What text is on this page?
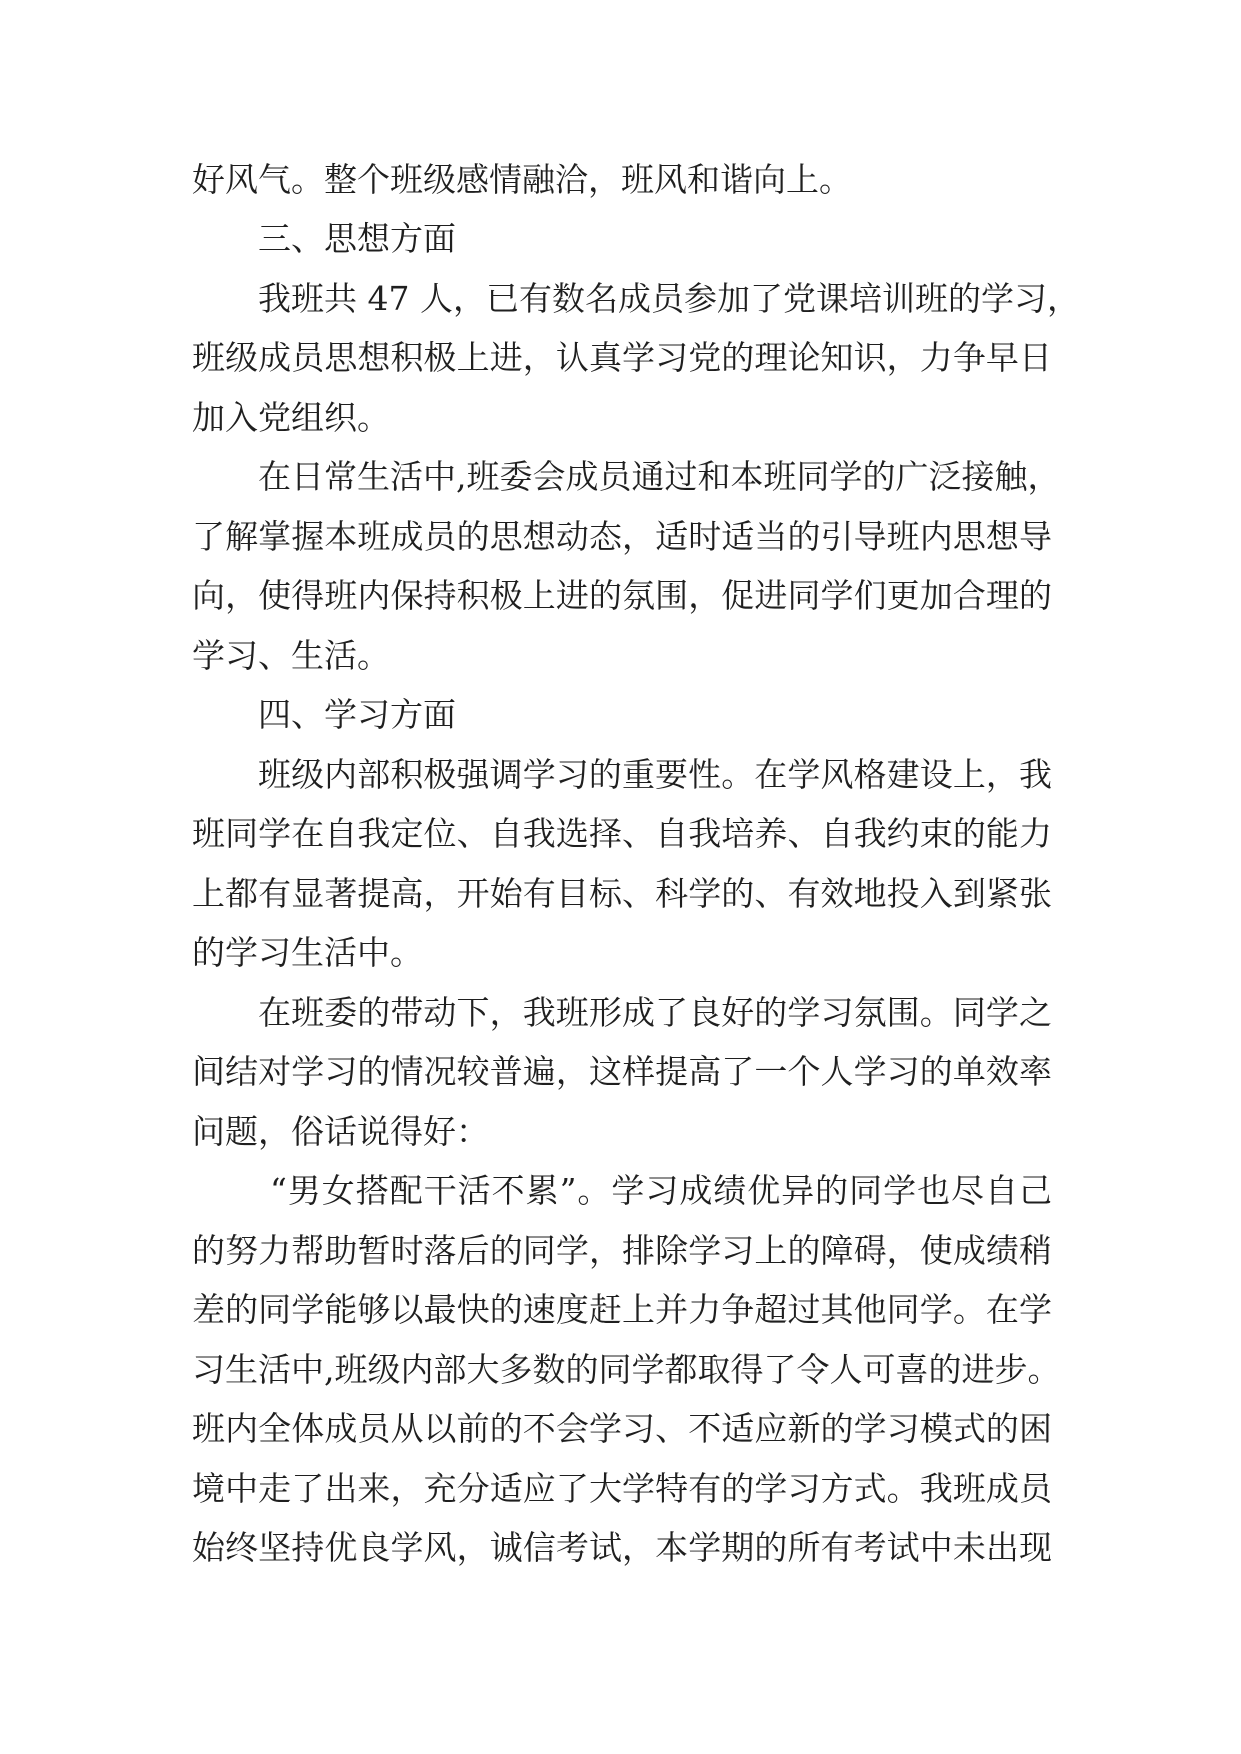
好风气。整个班级感情融洽，班风和谐向上。
三、思想方面
我班共 47 人，已有数名成员参加了党课培训班的学习，
班级成员思想积极上进，认真学习党的理论知识，力争早日
加入党组织。
在日常生活中,班委会成员通过和本班同学的广泛接触，
了解掌握本班成员的思想动态，适时适当的引导班内思想导
向，使得班内保持积极上进的氛围，促进同学们更加合理的
学习、生活。
四、学习方面
班级内部积极强调学习的重要性。在学风格建设上，我
班同学在自我定位、自我选择、自我培养、自我约束的能力
上都有显著提高，开始有目标、科学的、有效地投入到紧张
的学习生活中。
在班委的带动下，我班形成了良好的学习氛围。同学之
间结对学习的情况较普遍，这样提高了一个人学习的单效率
问题，俗话说得好：
“男女搭配干活不累”。学习成绩优异的同学也尽自己
的努力帮助暂时落后的同学，排除学习上的障碍，使成绩稍
差的同学能够以最快的速度赶上并力争超过其他同学。在学
习生活中,班级内部大多数的同学都取得了令人可喜的进步。
班内全体成员从以前的不会学习、不适应新的学习模式的困
境中走了出来，充分适应了大学特有的学习方式。我班成员
始终坚持优良学风，诚信考试，本学期的所有考试中未出现
